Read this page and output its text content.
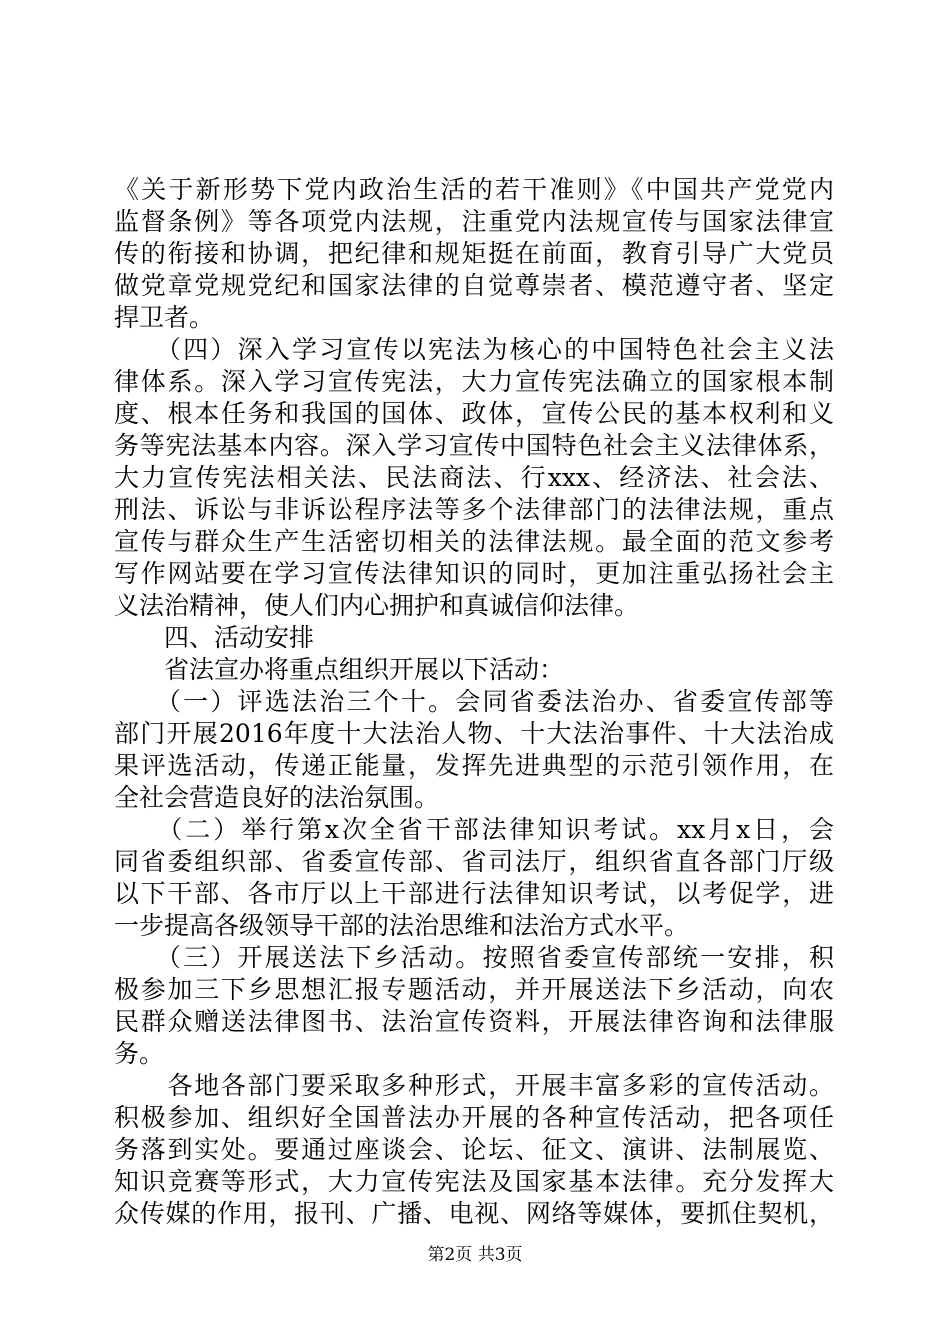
《关于新形势下党内政治生活的若干准则》《中国共产党党内
监督条例》等各项党内法规，注重党内法规宣传与国家法律宣
传的衔接和协调，把纪律和规矩挺在前面，教育引导广大党员
做党章党规党纪和国家法律的自觉尊崇者、模范遵守者、坚定
捍卫者。
　　（四）深入学习宣传以宪法为核心的中国特色社会主义法
律体系。深入学习宣传宪法，大力宣传宪法确立的国家根本制
度、根本任务和我国的国体、政体，宣传公民的基本权利和义
务等宪法基本内容。深入学习宣传中国特色社会主义法律体系，
大力宣传宪法相关法、民法商法、行xxx、经济法、社会法、
刑法、诉讼与非诉讼程序法等多个法律部门的法律法规，重点
宣传与群众生产生活密切相关的法律法规。最全面的范文参考
写作网站要在学习宣传法律知识的同时，更加注重弘扬社会主
义法治精神，使人们内心拥护和真诚信仰法律。
　　四、活动安排
　　省法宣办将重点组织开展以下活动：
　　（一）评选法治三个十。会同省委法治办、省委宣传部等
部门开展2016年度十大法治人物、十大法治事件、十大法治成
果评选活动，传递正能量，发挥先进典型的示范引领作用，在
全社会营造良好的法治氛围。
　　（二）举行第x次全省干部法律知识考试。xx月x日，会
同省委组织部、省委宣传部、省司法厅，组织省直各部门厅级
以下干部、各市厅以上干部进行法律知识考试，以考促学，进
一步提高各级领导干部的法治思维和法治方式水平。
　　（三）开展送法下乡活动。按照省委宣传部统一安排，积
极参加三下乡思想汇报专题活动，并开展送法下乡活动，向农
民群众赠送法律图书、法治宣传资料，开展法律咨询和法律服
务。
　　各地各部门要采取多种形式，开展丰富多彩的宣传活动。
积极参加、组织好全国普法办开展的各种宣传活动，把各项任
务落到实处。要通过座谈会、论坛、征文、演讲、法制展览、
知识竞赛等形式，大力宣传宪法及国家基本法律。充分发挥大
众传媒的作用，报刊、广播、电视、网络等媒体，要抓住契机，
第2页 共3页
